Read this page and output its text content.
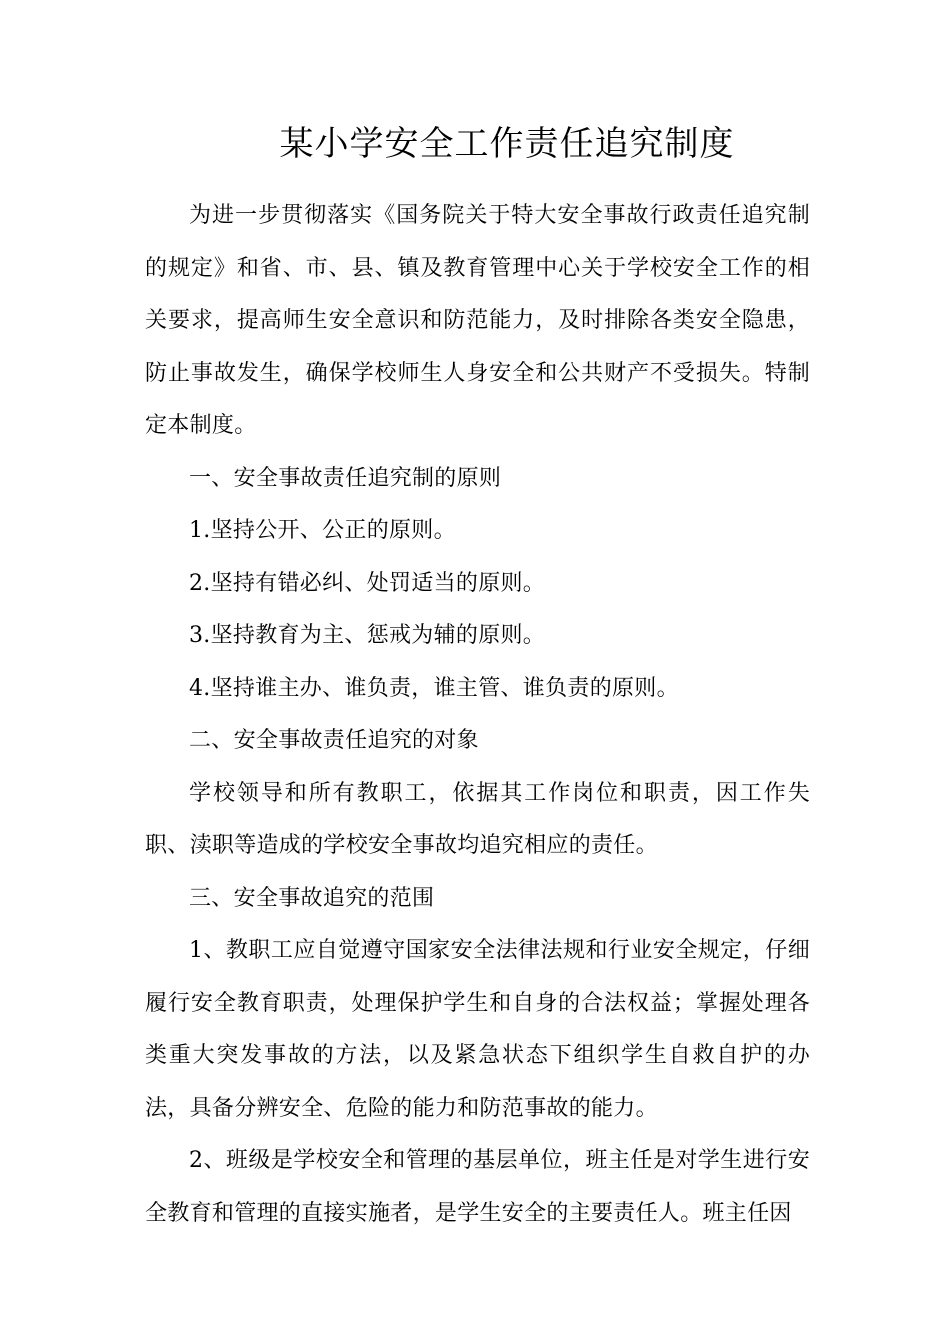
某小学安全工作责任追究制度

为进一步贯彻落实《国务院关于特大安全事故行政责任追究制的规定》和省、市、县、镇及教育管理中心关于学校安全工作的相关要求，提高师生安全意识和防范能力，及时排除各类安全隐患，防止事故发生，确保学校师生人身安全和公共财产不受损失。特制定本制度。

一、安全事故责任追究制的原则

1.坚持公开、公正的原则。

2.坚持有错必纠、处罚适当的原则。

3.坚持教育为主、惩戒为辅的原则。

4.坚持谁主办、谁负责，谁主管、谁负责的原则。

二、安全事故责任追究的对象

学校领导和所有教职工，依据其工作岗位和职责，因工作失职、渎职等造成的学校安全事故均追究相应的责任。

三、安全事故追究的范围

1、教职工应自觉遵守国家安全法律法规和行业安全规定，仔细履行安全教育职责，处理保护学生和自身的合法权益；掌握处理各类重大突发事故的方法，以及紧急状态下组织学生自救自护的办法，具备分辨安全、危险的能力和防范事故的能力。

2、班级是学校安全和管理的基层单位，班主任是对学生进行安全教育和管理的直接实施者，是学生安全的主要责任人。班主任因
